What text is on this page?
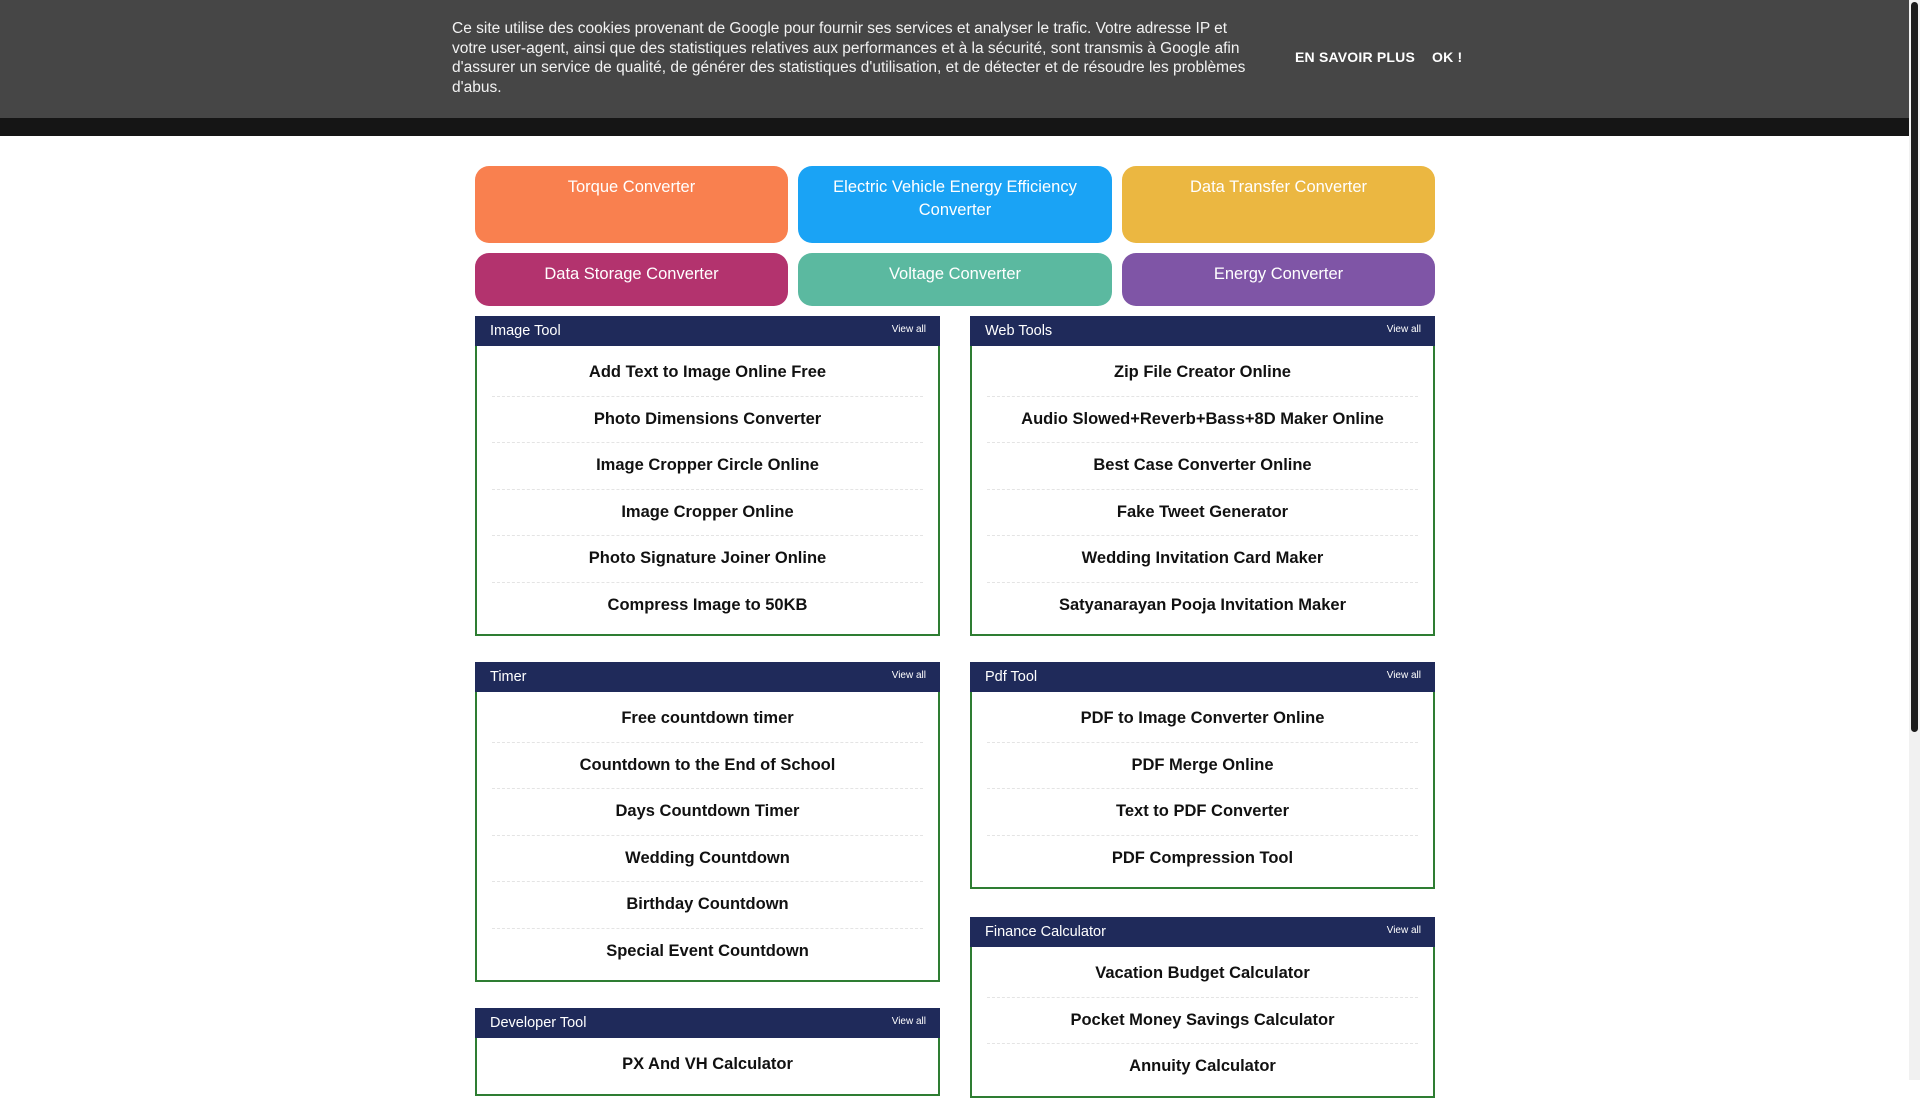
Ce site utilise des cookies provenant de Google pour fournir ses services et analyser le trafic. Votre adresse IP et votre user-agent, ainsi que des statistiques relatives aux performances et à la sécurité, sont transmis à Google afin d'assurer un service de qualité, de générer des statistiques d'utilisation, et de détecter et de résoudre les problèmes d'abus.
EN SAVOIR PLUS OK !
Torque Converter	Electric Vehicle Energy Efficiency Converter
Data Transfer Converter
Data Storage Converter	Voltage Converter	Energy Converter
Image Tool	View all
Add Text to Image Online Free
Photo Dimensions Converter
Image Cropper Circle Online
Image Cropper Online
Photo Signature Joiner Online
Compress Image to 50KB
Web Tools	View all
Zip File Creator Online
Audio Slowed+Reverb+Bass+8D Maker Online
Best Case Converter Online
Fake Tweet Generator
Wedding Invitation Card Maker
Satyanarayan Pooja Invitation Maker
Timer	View all
Free countdown timer
Countdown to the End of School
Days Countdown Timer
Wedding Countdown
Birthday Countdown
Special Event Countdown
Pdf Tool	View all
PDF to Image Converter Online
PDF Merge Online
Text to PDF Converter
PDF Compression Tool
Finance Calculator	View all
Vacation Budget Calculator
Pocket Money Savings Calculator
Annuity Calculator
Developer Tool	View all
PX And VH Calculator
